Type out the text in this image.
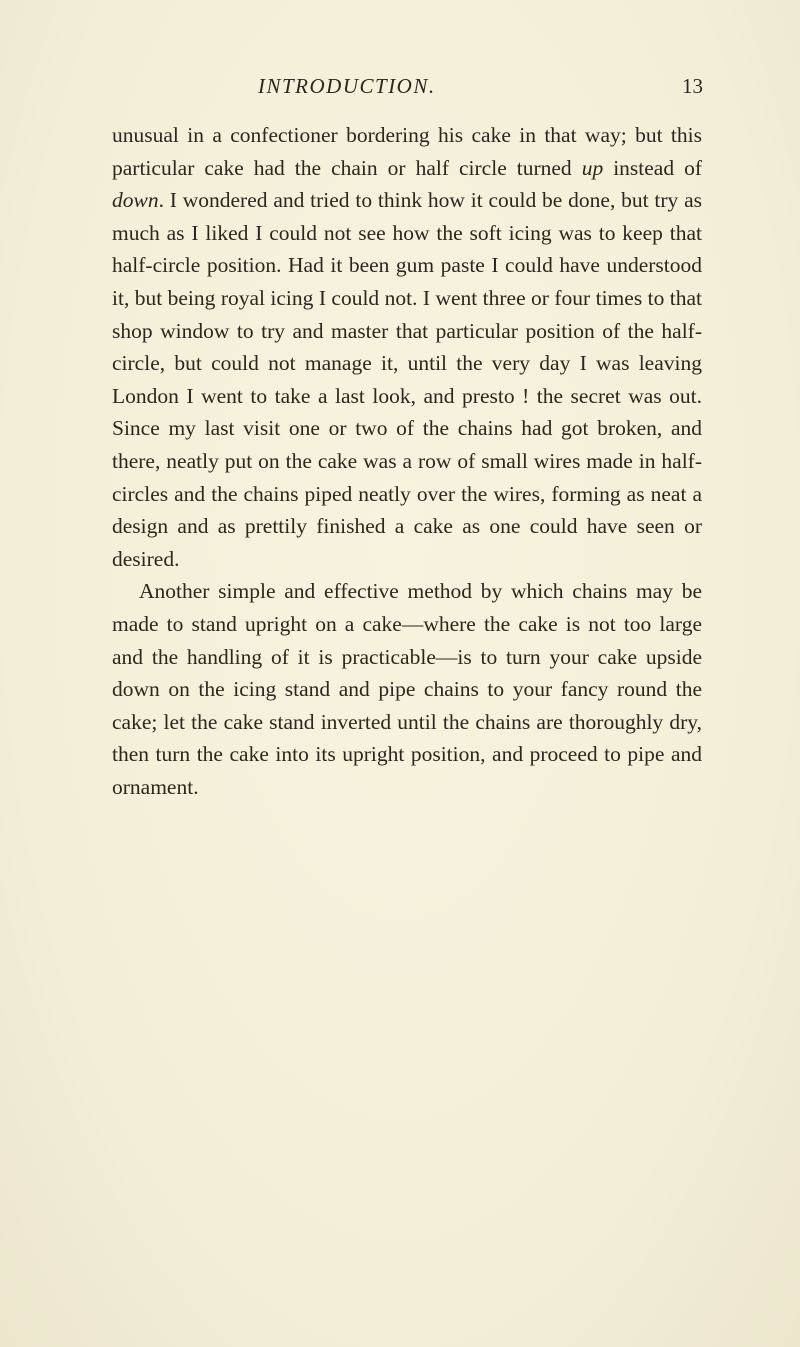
INTRODUCTION.	13

unusual in a confectioner bordering his cake in that way; but this particular cake had the chain or half circle turned up instead of down. I wondered and tried to think how it could be done, but try as much as I liked I could not see how the soft icing was to keep that half-circle position. Had it been gum paste I could have understood it, but being royal icing I could not. I went three or four times to that shop window to try and master that particular position of the half-circle, but could not manage it, until the very day I was leaving London I went to take a last look, and presto ! the secret was out. Since my last visit one or two of the chains had got broken, and there, neatly put on the cake was a row of small wires made in half-circles and the chains piped neatly over the wires, forming as neat a design and as prettily finished a cake as one could have seen or desired.

Another simple and effective method by which chains may be made to stand upright on a cake—where the cake is not too large and the handling of it is practicable—is to turn your cake upside down on the icing stand and pipe chains to your fancy round the cake; let the cake stand inverted until the chains are thoroughly dry, then turn the cake into its upright position, and proceed to pipe and ornament.
